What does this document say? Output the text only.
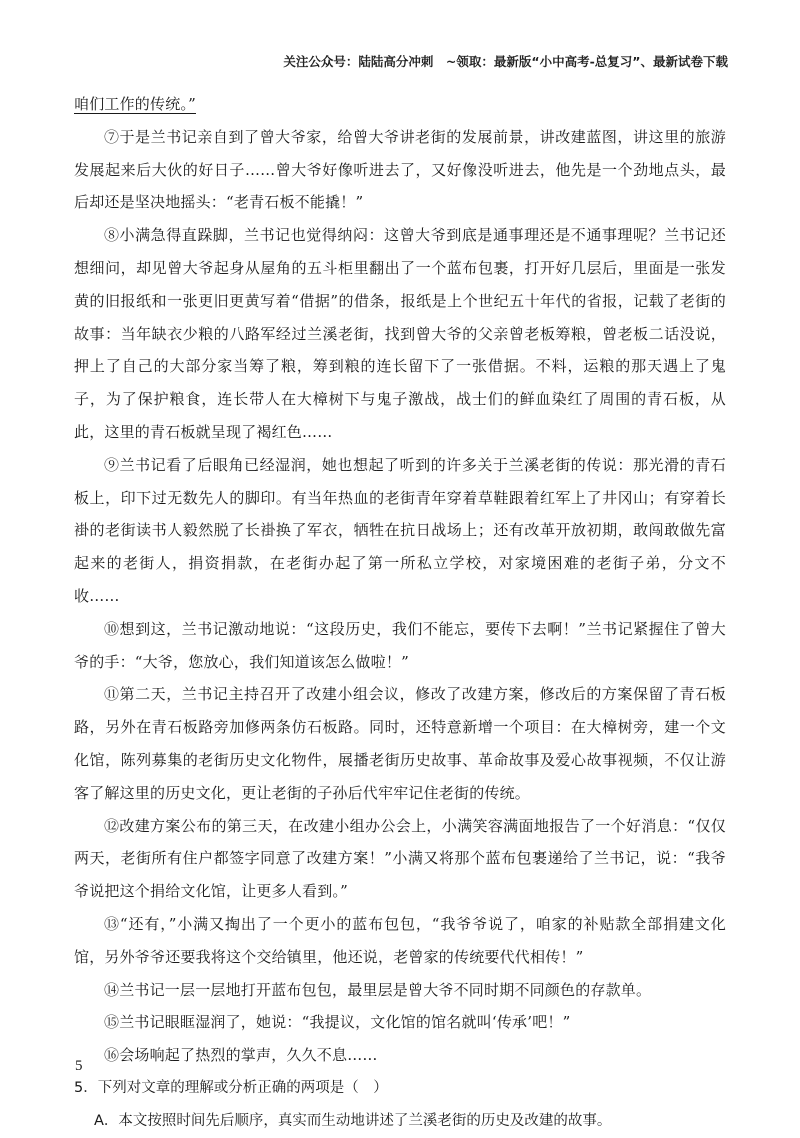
关注公众号：陆陆高分冲刺　~领取：最新版“小中高考-总复习”、最新试卷下载

咱们工作的传统。”

⑦于是兰书记亲自到了曾大爷家，给曾大爷讲老街的发展前景，讲改建蓝图，讲这里的旅游发展起来后大伙的好日子……曾大爷好像听进去了，又好像没听进去，他先是一个劲地点头，最后却还是坚决地摇头：“老青石板不能撬！”

⑧小满急得直跺脚，兰书记也觉得纳闷：这曾大爷到底是通事理还是不通事理呢？兰书记还想细问，却见曾大爷起身从屋角的五斗柜里翻出了一个蓝布包裹，打开好几层后，里面是一张发黄的旧报纸和一张更旧更黄写着“借据”的借条，报纸是上个世纪五十年代的省报，记载了老街的故事：当年缺衣少粮的八路军经过兰溪老街，找到曾大爷的父亲曾老板筹粮，曾老板二话没说，押上了自己的大部分家当筹了粮，筹到粮的连长留下了一张借据。不料，运粮的那天遇上了鬼子，为了保护粮食，连长带人在大樟树下与鬼子激战，战士们的鲜血染红了周围的青石板，从此，这里的青石板就呈现了褐红色……

⑨兰书记看了后眼角已经湿润，她也想起了听到的许多关于兰溪老街的传说：那光滑的青石板上，印下过无数先人的脚印。有当年热血的老街青年穿着草鞋跟着红军上了井冈山；有穿着长褂的老街读书人毅然脱了长褂换了军衣，牺牲在抗日战场上；还有改革开放初期，敢闯敢做先富起来的老街人，捐资捐款，在老街办起了第一所私立学校，对家境困难的老街子弟，分文不收……

⑩想到这，兰书记激动地说：“这段历史，我们不能忘，要传下去啊！”兰书记紧握住了曾大爷的手：“大爷，您放心，我们知道该怎么做啦！”

⑪第二天，兰书记主持召开了改建小组会议，修改了改建方案，修改后的方案保留了青石板路，另外在青石板路旁加修两条仿石板路。同时，还特意新增一个项目：在大樟树旁，建一个文化馆，陈列募集的老街历史文化物件，展播老街历史故事、革命故事及爱心故事视频，不仅让游客了解这里的历史文化，更让老街的子孙后代牢牢记住老街的传统。

⑫改建方案公布的第三天，在改建小组办公会上，小满笑容满面地报告了一个好消息：“仅仅两天，老街所有住户都签字同意了改建方案！”小满又将那个蓝布包裹递给了兰书记，说：“我爷爷说把这个捐给文化馆，让更多人看到。”

⑬“还有，”小满又掏出了一个更小的蓝布包包，“我爷爷说了，咱家的补贴款全部捐建文化馆，另外爷爷还要我将这个交给镇里，他还说，老曾家的传统要代代相传！”

⑭兰书记一层一层地打开蓝布包包，最里层是曾大爷不同时期不同颜色的存款单。

⑮兰书记眼眶湿润了，她说：“我提议，文化馆的馆名就叫‘传承’吧！”

⑯会场响起了热烈的掌声，久久不息……

5．下列对文章的理解或分析正确的两项是（　）

A．本文按照时间先后顺序，真实而生动地讲述了兰溪老街的历史及改建的故事。

5
